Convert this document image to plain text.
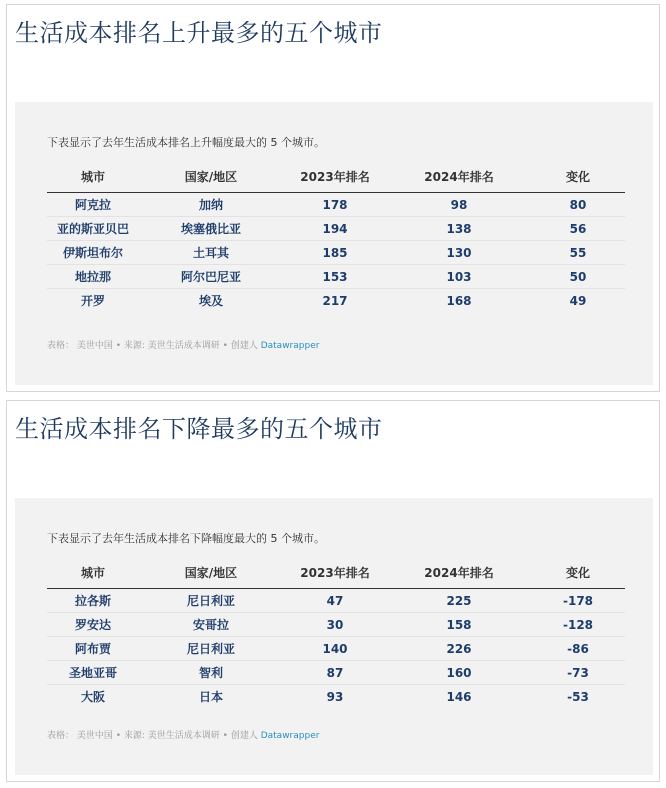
生活成本排名上升最多的五个城市

下表显示了去年生活成本排名上升幅度最大的 5 个城市。

城市	国家/地区	2023年排名	2024年排名	变化
阿克拉	加纳	178	98	80
亚的斯亚贝巴	埃塞俄比亚	194	138	56
伊斯坦布尔	土耳其	185	130	55
地拉那	阿尔巴尼亚	153	103	50
开罗	埃及	217	168	49

表格： 美世中国 • 来源: 美世生活成本调研 • 创建人 Datawrapper

生活成本排名下降最多的五个城市

下表显示了去年生活成本排名下降幅度最大的 5 个城市。

城市	国家/地区	2023年排名	2024年排名	变化
拉各斯	尼日利亚	47	225	-178
罗安达	安哥拉	30	158	-128
阿布贾	尼日利亚	140	226	-86
圣地亚哥	智利	87	160	-73
大阪	日本	93	146	-53

表格： 美世中国 • 来源: 美世生活成本调研 • 创建人 Datawrapper
